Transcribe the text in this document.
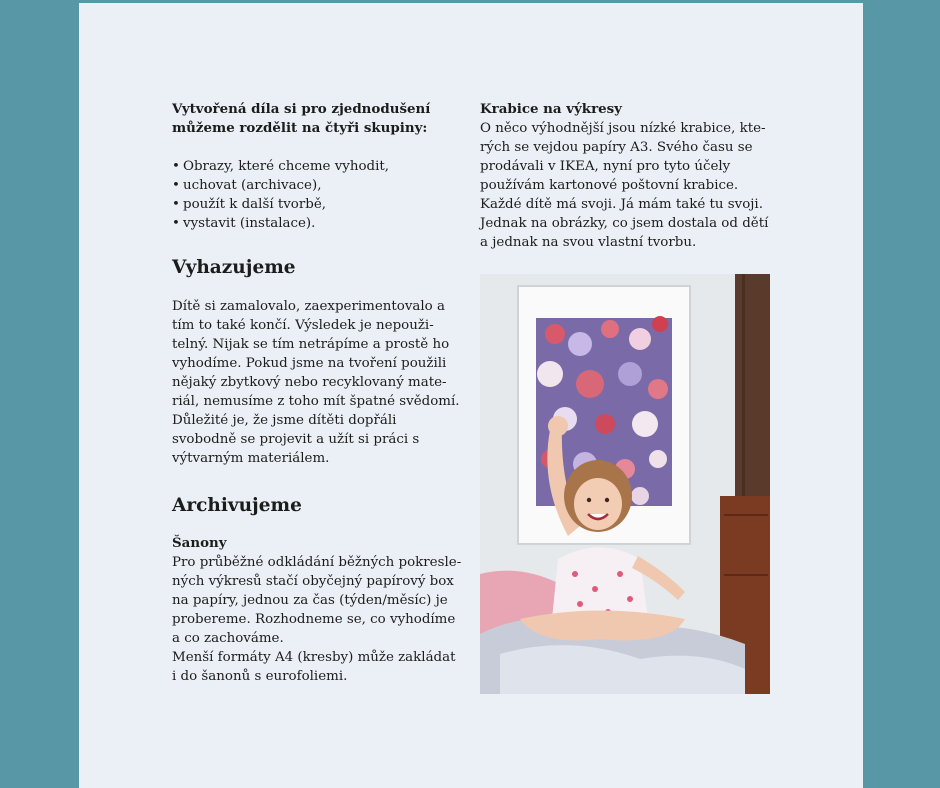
Vytvořená díla si pro zjednodušení můžeme rozdělit na čtyři skupiny:

• Obrazy, které chceme vyhodit,
• uchovat (archivace),
• použít k další tvorbě,
• vystavit (instalace).
Vyhazujeme

Dítě si zamalovalo, zaexperimentovalo a tím to také končí. Výsledek je nepoužitelný. Nijak se tím netrápíme a prostě ho vyhodíme. Pokud jsme na tvoření použili nějaký zbytkový nebo recyklovaný materiál, nemusíme z toho mít špatné svědomí. Důležité je, že jsme dítěti dopřáli svobodně se projevit a užít si práci s výtvarným materiálem.

Archivujeme

Šanony

Pro průběžné odkládání běžných pokreslených výkresů stačí obyčejný papírový box na papíry, jednou za čas (týden/měsíc) je probereme. Rozhodneme se, co vyhodíme a co zachováme.

Menší formáty A4 (kresby) může zakládat i do šanonů s eurofoliemi.

Krabice na výkresy

O něco výhodnější jsou nízké krabice, kterých se vejdou papíry A3. Svého času se prodávali v IKEA, nyní pro tyto účely používám kartonové poštovní krabice. Každé dítě má svoji. Já mám také tu svoji. Jednak na obrázky, co jsem dostala od dětí a jednak na svou vlastní tvorbu.
